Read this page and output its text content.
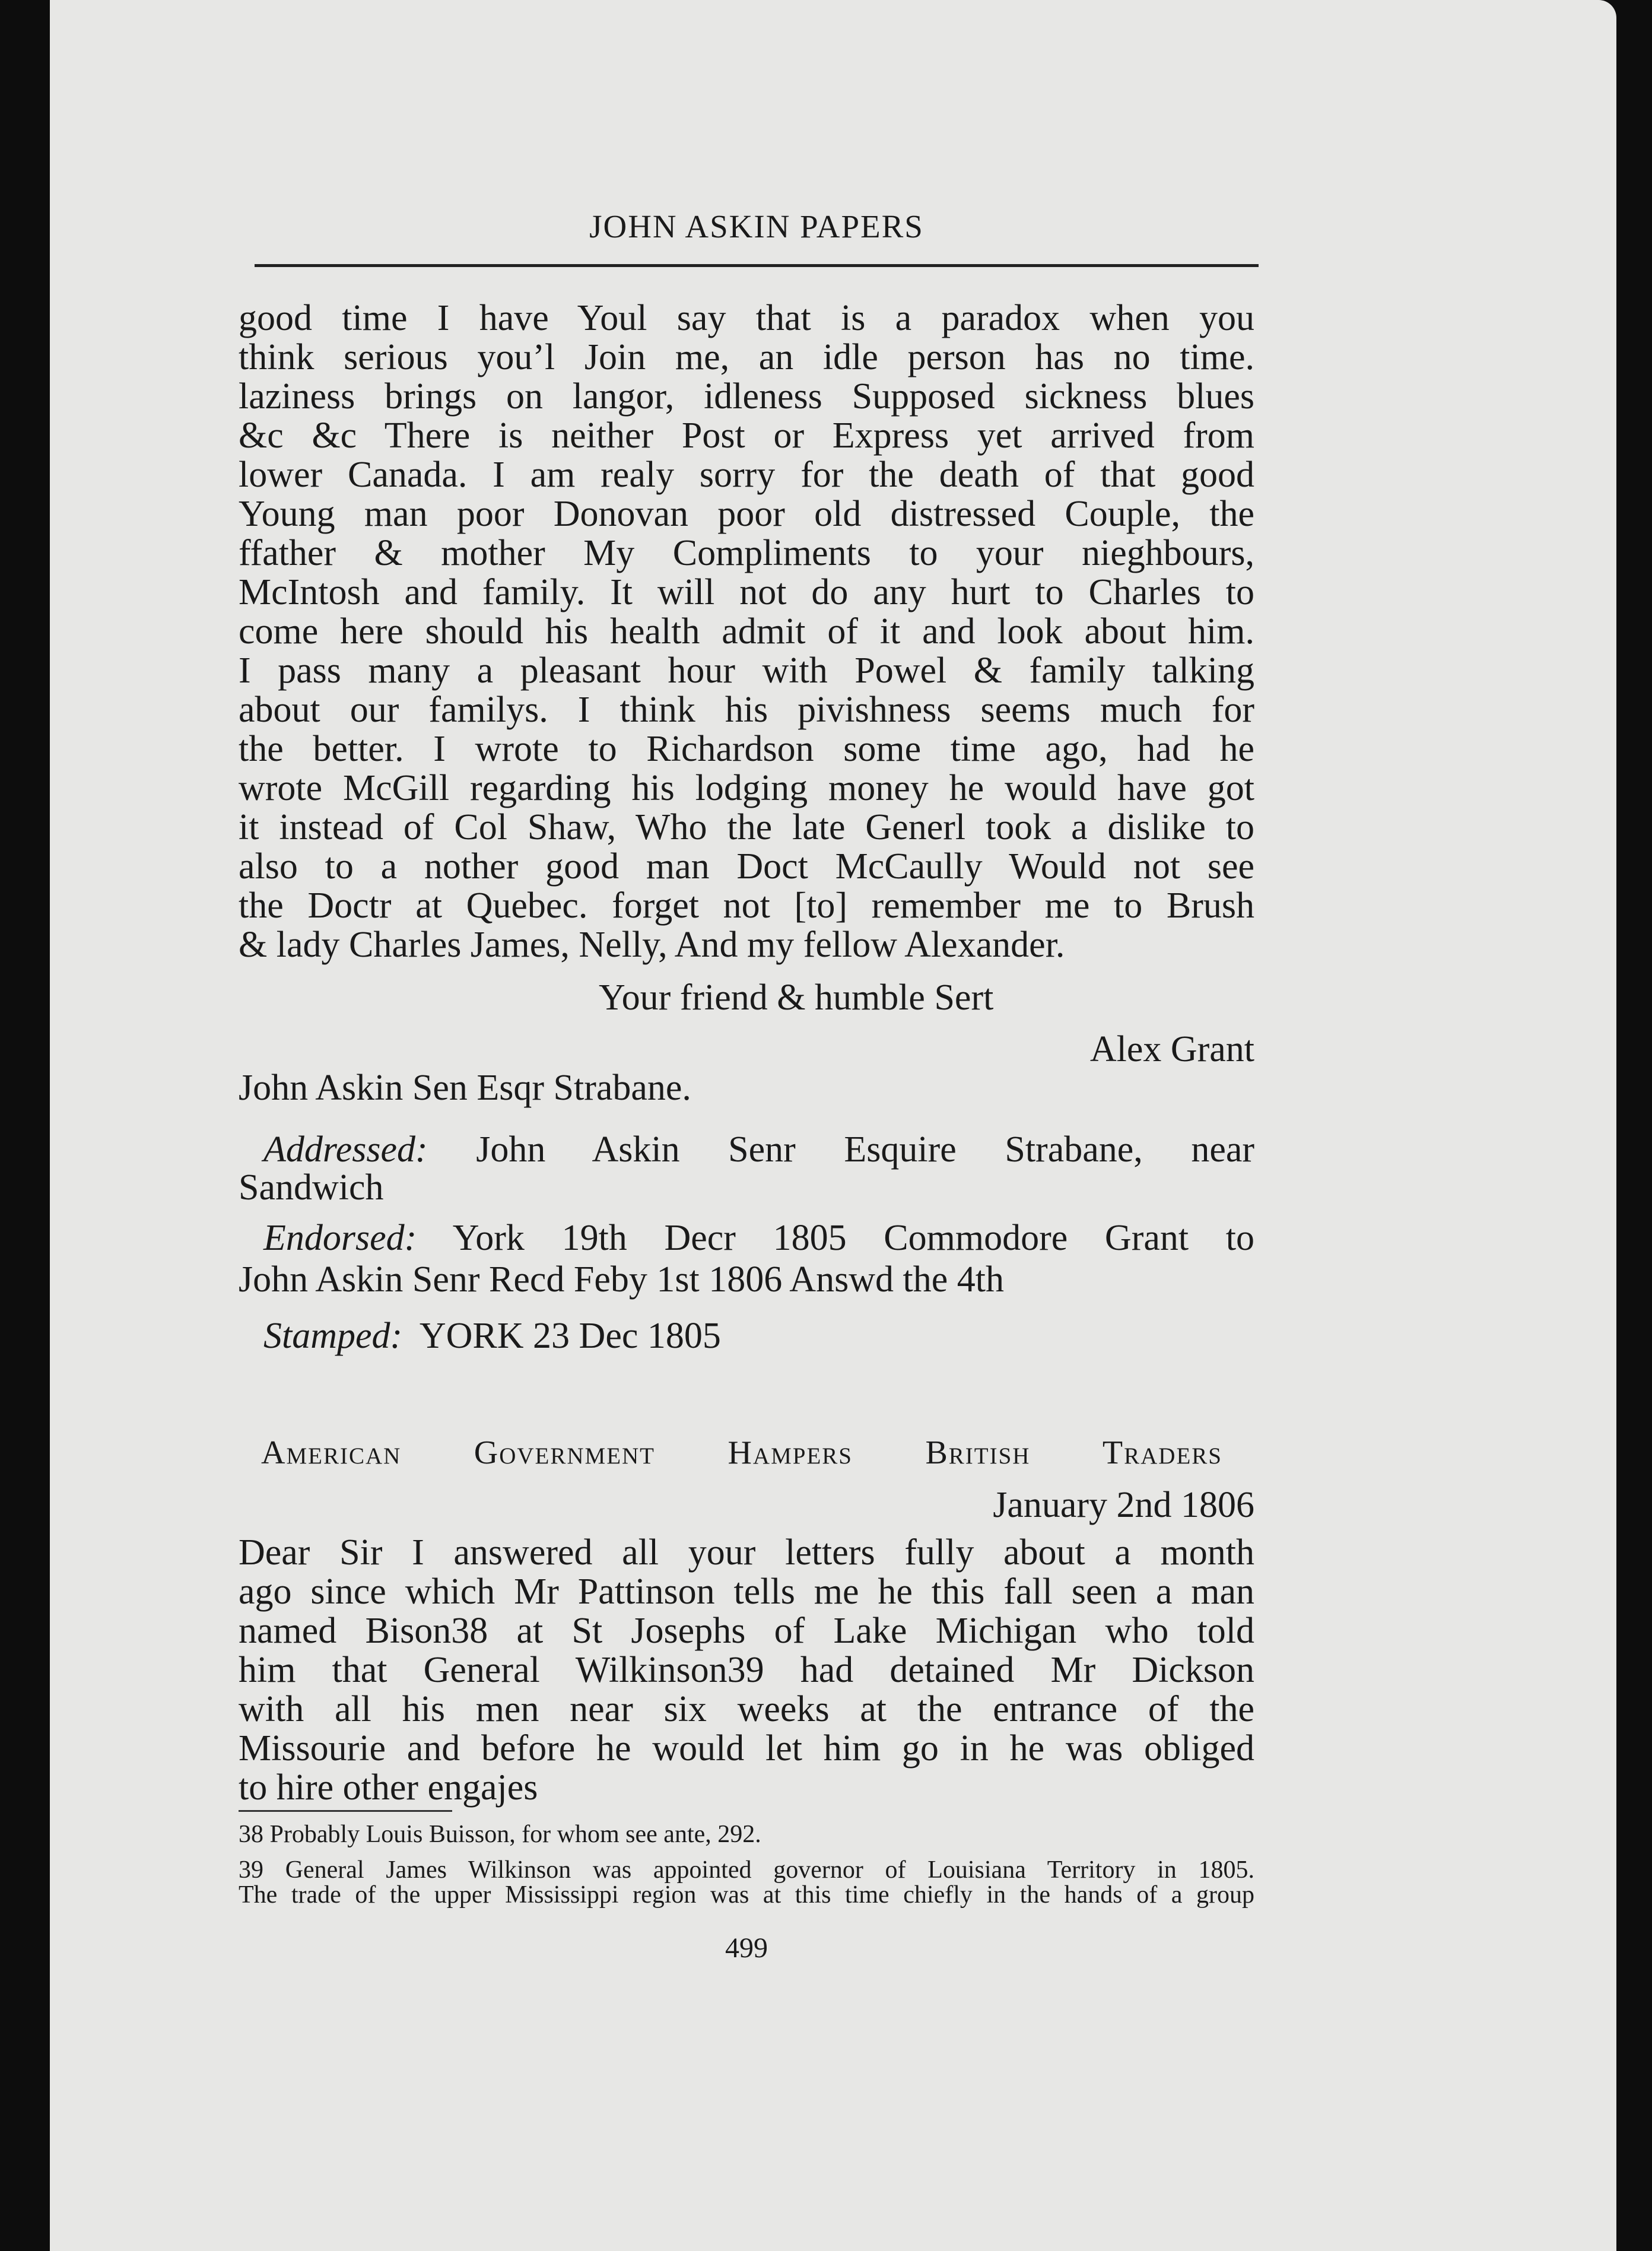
JOHN ASKIN PAPERS
good time I have Youl say that is a paradox when you
think serious you’l Join me, an idle person has no time.
laziness brings on langor, idleness Supposed sickness blues
&c &c There is neither Post or Express yet arrived from
lower Canada. I am realy sorry for the death of that good
Young man poor Donovan poor old distressed Couple, the
ffather & mother My Compliments to your nieghbours,
McIntosh and family. It will not do any hurt to Charles to
come here should his health admit of it and look about him.
I pass many a pleasant hour with Powel & family talking
about our familys. I think his pivishness seems much for
the better. I wrote to Richardson some time ago, had he
wrote McGill regarding his lodging money he would have got
it instead of Col Shaw, Who the late Generl took a dislike to
also to a nother good man Doct McCaully Would not see
the Doctr at Quebec. forget not [to] remember me to Brush
& lady Charles James, Nelly, And my fellow Alexander.
Your friend & humble Sert
Alex Grant
John Askin Sen Esqr Strabane.
Addressed: John Askin Senr Esquire Strabane, near
Sandwich
Endorsed: York 19th Decr 1805 Commodore Grant to
John Askin Senr Recd Feby 1st 1806 Answd the 4th
Stamped: YORK 23 Dec 1805
American Government Hampers British Traders
January 2nd 1806
Dear Sir I answered all your letters fully about a month
ago since which Mr Pattinson tells me he this fall seen a man
named Bison38 at St Josephs of Lake Michigan who told
him that General Wilkinson39 had detained Mr Dickson
with all his men near six weeks at the entrance of the
Missourie and before he would let him go in he was obliged
to hire other engajes
38 Probably Louis Buisson, for whom see ante, 292.
39 General James Wilkinson was appointed governor of Louisiana Territory in 1805.
The trade of the upper Mississippi region was at this time chiefly in the hands of a group
499
